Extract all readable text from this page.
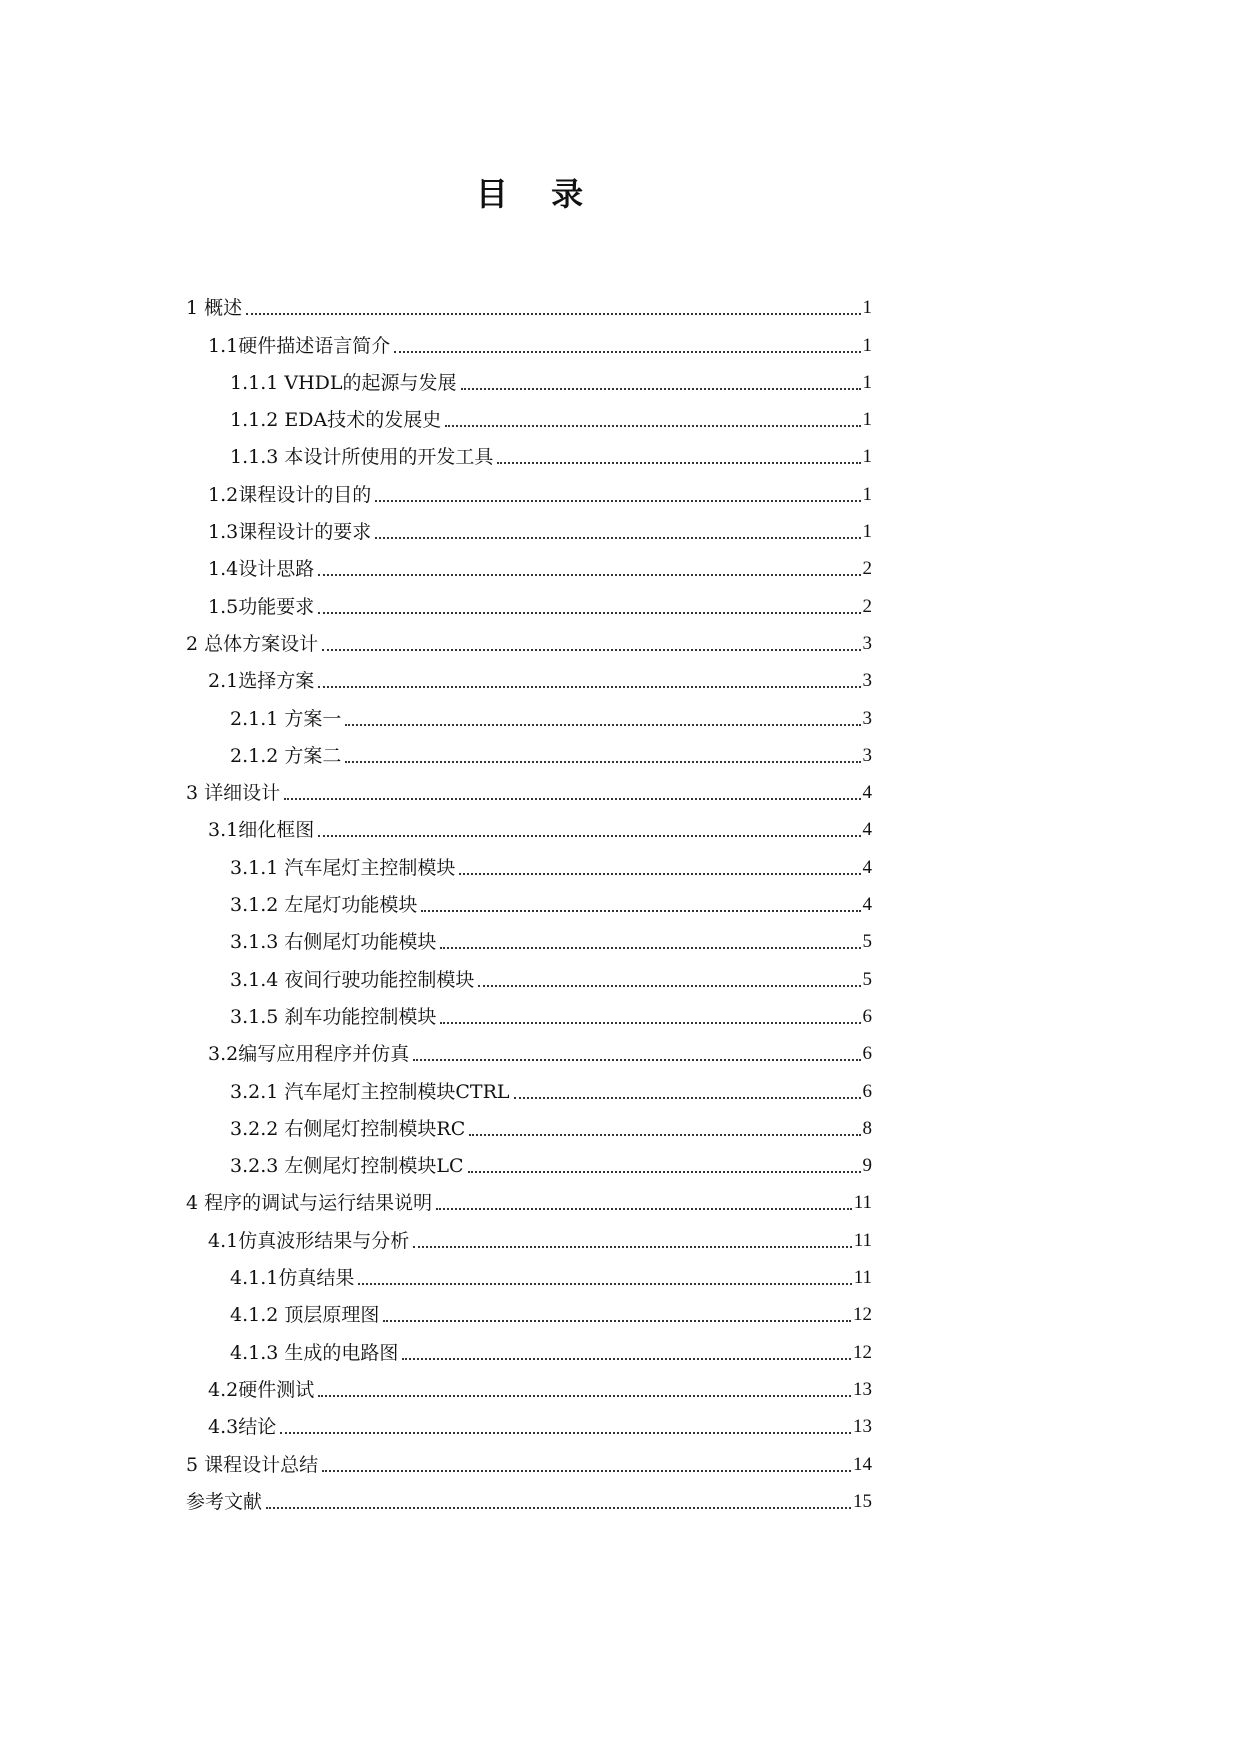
目 录
1 概述	1
1.1硬件描述语言简介	1
1.1.1 VHDL的起源与发展	1
1.1.2 EDA技术的发展史	1
1.1.3 本设计所使用的开发工具	1
1.2课程设计的目的	1
1.3课程设计的要求	1
1.4设计思路	2
1.5功能要求	2
2 总体方案设计	3
2.1选择方案	3
2.1.1 方案一	3
2.1.2 方案二	3
3 详细设计	4
3.1细化框图	4
3.1.1 汽车尾灯主控制模块	4
3.1.2 左尾灯功能模块	4
3.1.3 右侧尾灯功能模块	5
3.1.4 夜间行驶功能控制模块	5
3.1.5 刹车功能控制模块	6
3.2编写应用程序并仿真	6
3.2.1 汽车尾灯主控制模块CTRL	6
3.2.2 右侧尾灯控制模块RC	8
3.2.3 左侧尾灯控制模块LC	9
4 程序的调试与运行结果说明	11
4.1仿真波形结果与分析	11
4.1.1仿真结果	11
4.1.2 顶层原理图	12
4.1.3 生成的电路图	12
4.2硬件测试	13
4.3结论	13
5 课程设计总结	14
参考文献	15
